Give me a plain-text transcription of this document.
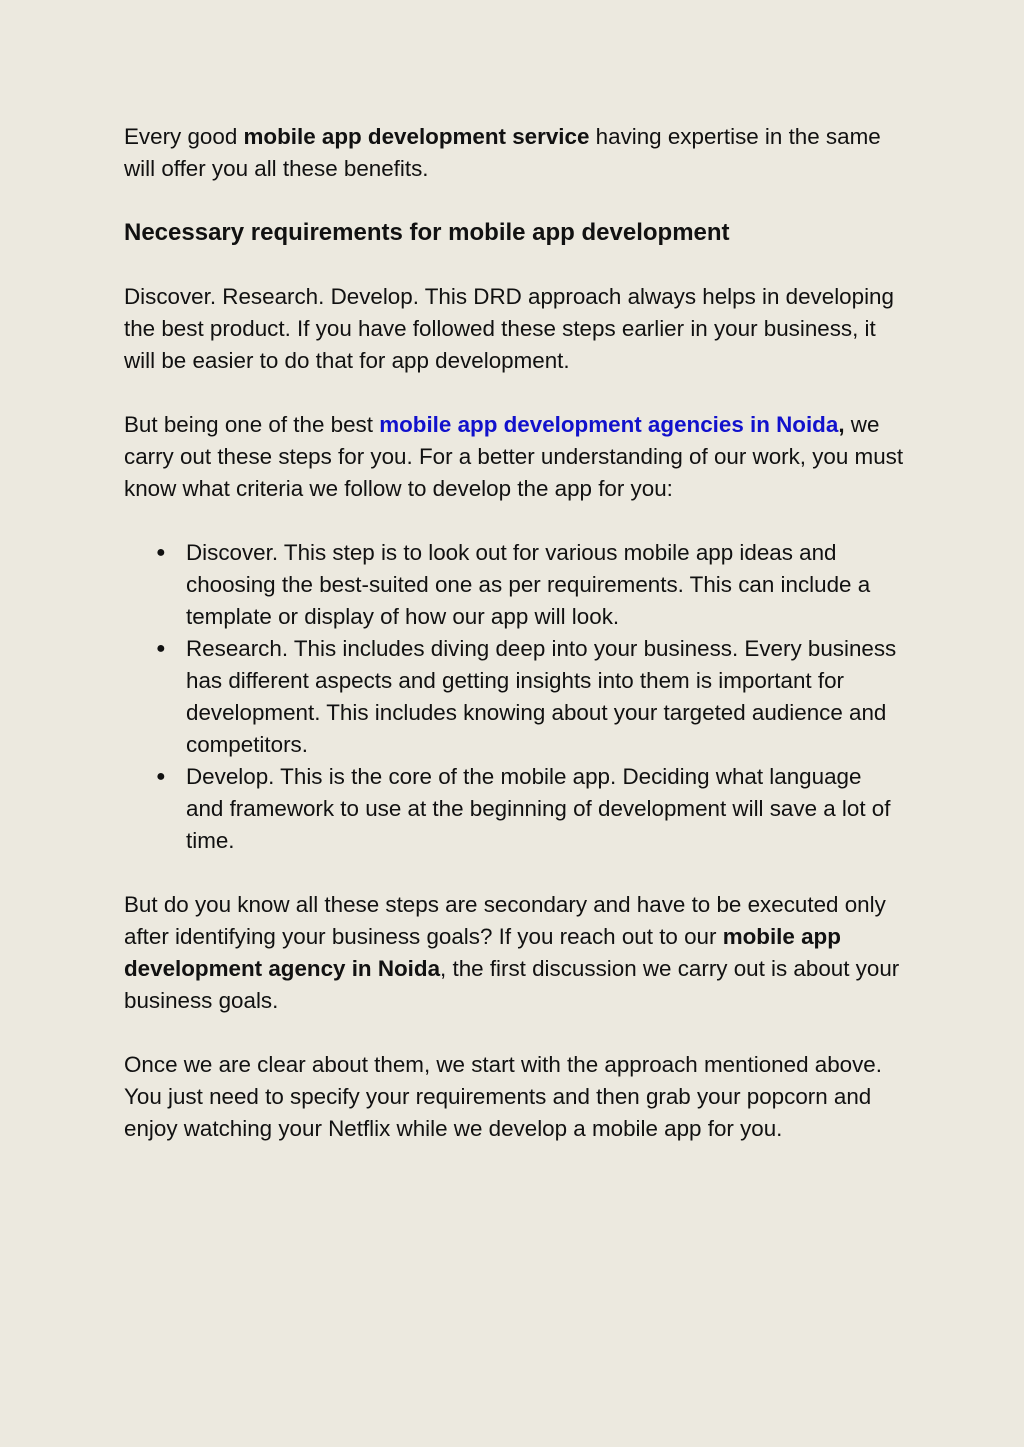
Every good mobile app development service having expertise in the same will offer you all these benefits.

Necessary requirements for mobile app development

Discover. Research. Develop. This DRD approach always helps in developing the best product. If you have followed these steps earlier in your business, it will be easier to do that for app development.

But being one of the best mobile app development agencies in Noida, we carry out these steps for you. For a better understanding of our work, you must know what criteria we follow to develop the app for you:

● Discover. This step is to look out for various mobile app ideas and choosing the best-suited one as per requirements. This can include a template or display of how our app will look.
● Research. This includes diving deep into your business. Every business has different aspects and getting insights into them is important for development. This includes knowing about your targeted audience and competitors.
● Develop. This is the core of the mobile app. Deciding what language and framework to use at the beginning of development will save a lot of time.

But do you know all these steps are secondary and have to be executed only after identifying your business goals? If you reach out to our mobile app development agency in Noida, the first discussion we carry out is about your business goals.

Once we are clear about them, we start with the approach mentioned above. You just need to specify your requirements and then grab your popcorn and enjoy watching your Netflix while we develop a mobile app for you.
